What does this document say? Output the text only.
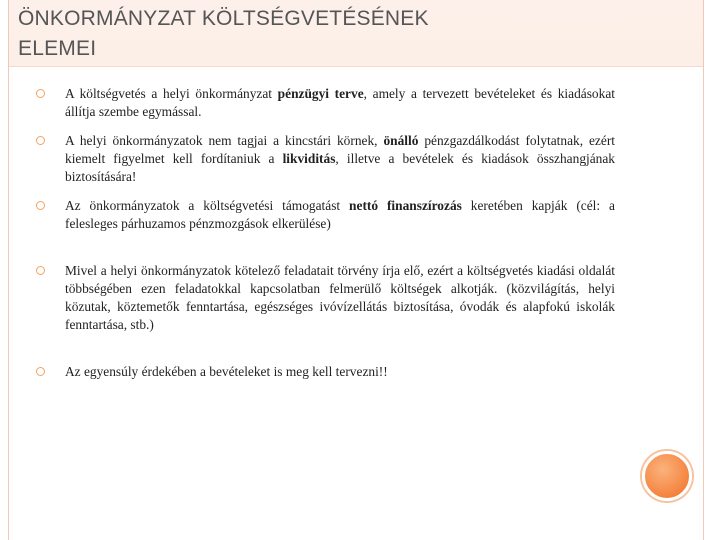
ÖNKORMÁNYZAT KÖLTSÉGVETÉSÉNEK
ELEMEI
A költségvetés a helyi önkormányzat pénzügyi terve, amely a tervezett bevételeket és kiadásokat állítja szembe egymással.
A helyi önkormányzatok nem tagjai a kincstári körnek, önálló pénzgazdálkodást folytatnak, ezért kiemelt figyelmet kell fordítaniuk a likviditás, illetve a bevételek és kiadások összhangjának biztosítására!
Az önkormányzatok a költségvetési támogatást nettó finanszírozás keretében kapják (cél: a felesleges párhuzamos pénzmozgások elkerülése)
Mivel a helyi önkormányzatok kötelező feladatait törvény írja elő, ezért a költségvetés kiadási oldalát többségében ezen feladatokkal kapcsolatban felmerülő költségek alkotják. (közvilágítás, helyi közutak, köztemetők fenntartása, egészséges ivóvízellátás biztosítása, óvodák és alapfokú iskolák fenntartása, stb.)
Az egyensúly érdekében a bevételeket is meg kell tervezni!!
